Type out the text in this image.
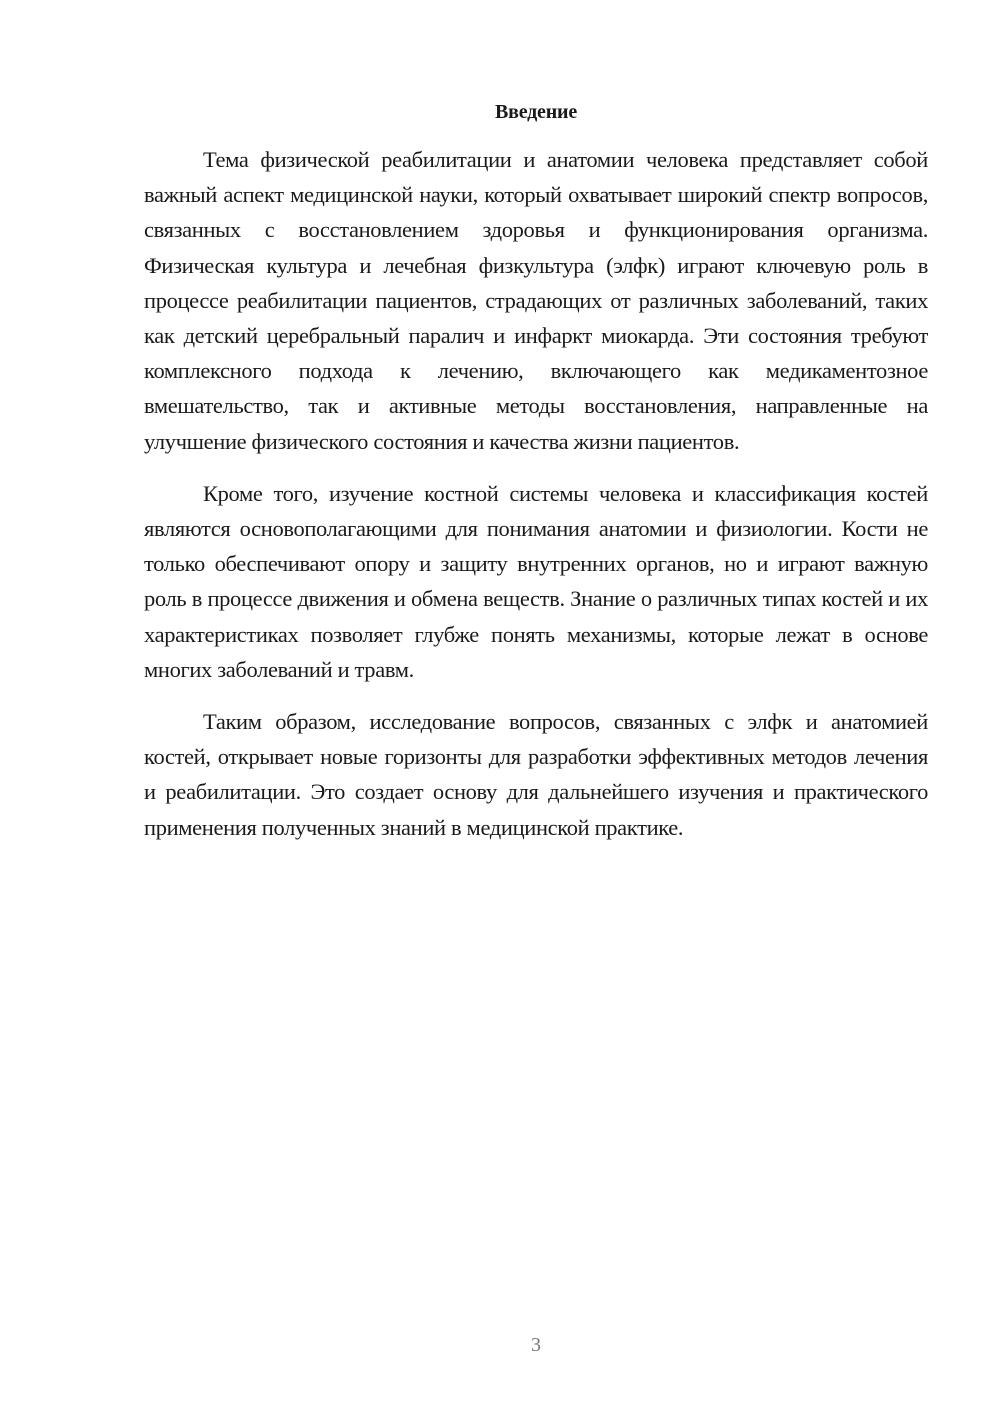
Введение

Тема физической реабилитации и анатомии человека представляет собой важный аспект медицинской науки, который охватывает широкий спектр вопросов, связанных с восстановлением здоровья и функционирования организма. Физическая культура и лечебная физкультура (элфк) играют ключевую роль в процессе реабилитации пациентов, страдающих от различных заболеваний, таких как детский церебральный паралич и инфаркт миокарда. Эти состояния требуют комплексного подхода к лечению, включающего как медикаментозное вмешательство, так и активные методы восстановления, направленные на улучшение физического состояния и качества жизни пациентов.

Кроме того, изучение костной системы человека и классификация костей являются основополагающими для понимания анатомии и физиологии. Кости не только обеспечивают опору и защиту внутренних органов, но и играют важную роль в процессе движения и обмена веществ. Знание о различных типах костей и их характеристиках позволяет глубже понять механизмы, которые лежат в основе многих заболеваний и травм.

Таким образом, исследование вопросов, связанных с элфк и анатомией костей, открывает новые горизонты для разработки эффективных методов лечения и реабилитации. Это создает основу для дальнейшего изучения и практического применения полученных знаний в медицинской практике.

3
